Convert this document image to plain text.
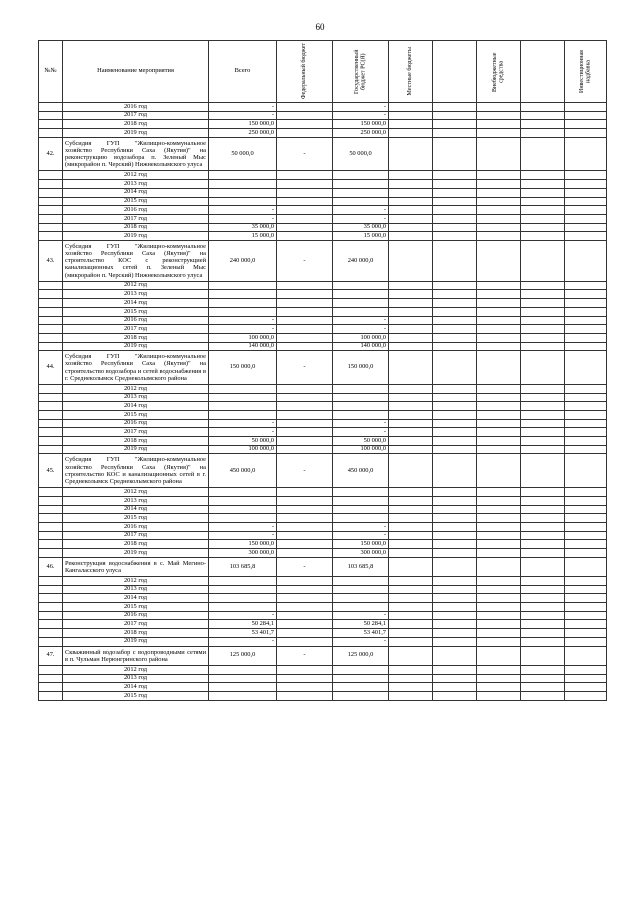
60
№№	Наименование мероприятия	Всего	Федеральный бюджет	Государственный бюджет РС(Я)	Местные бюджеты		Внебюджетные средства		Инвестиционная надбавка

	2016 год	-		-					
	2017 год	-		-					
	2018 год	150 000,0		150 000,0					
	2019 год	250 000,0		250 000,0					
42.	Субсидия ГУП "Жилищно-коммунальное хозяйство Республики Саха (Якутия)" на реконструкцию водозабора п. Зеленый Мыс (микрорайон п. Черский) Нижнеколымского улуса	50 000,0	-	50 000,0					
	2012 год								
	2013 год								
	2014 год								
	2015 год								
	2016 год	-		-					
	2017 год	-		-					
	2018 год	35 000,0		35 000,0					
	2019 год	15 000,0		15 000,0					
43.	Субсидия ГУП "Жилищно-коммунальное хозяйство Республики Саха (Якутия)" на строительство КОС с реконструкцией канализационных сетей п. Зеленый Мыс (микрорайон п. Черский) Нижнеколымского улуса	240 000,0	-	240 000,0					
	2012 год								
	2013 год								
	2014 год								
	2015 год								
	2016 год	-		-					
	2017 год	-		-					
	2018 год	100 000,0		100 000,0					
	2019 год	140 000,0		140 000,0					
44.	Субсидия ГУП "Жилищно-коммунальное хозяйство Республики Саха (Якутия)" на строительство водозабора и сетей водоснабжения в г. Среднеколымск Среднеколымского района	150 000,0	-	150 000,0					
	2012 год								
	2013 год								
	2014 год								
	2015 год								
	2016 год	-		-					
	2017 год	-		-					
	2018 год	50 000,0		50 000,0					
	2019 год	100 000,0		100 000,0					
45.	Субсидия ГУП "Жилищно-коммунальное хозяйство Республики Саха (Якутия)" на строительство КОС и канализационных сетей в г. Среднеколымск Среднеколымского района	450 000,0	-	450 000,0					
	2012 год								
	2013 год								
	2014 год								
	2015 год								
	2016 год	-		-					
	2017 год	-		-					
	2018 год	150 000,0		150 000,0					
	2019 год	300 000,0		300 000,0					
46.	Реконструкция водоснабжения в с. Май Мегино-Кангаласского улуса	103 685,8	-	103 685,8					
	2012 год								
	2013 год								
	2014 год								
	2015 год								
	2016 год	-		-					
	2017 год	50 284,1		50 284,1					
	2018 год	53 401,7		53 401,7					
	2019 год	-		-					
47.	Скважинный водозабор с водопроводными сетями в п. Чульман Нерюнгринского района	125 000,0	-	125 000,0					
	2012 год								
	2013 год								
	2014 год								
	2015 год								
